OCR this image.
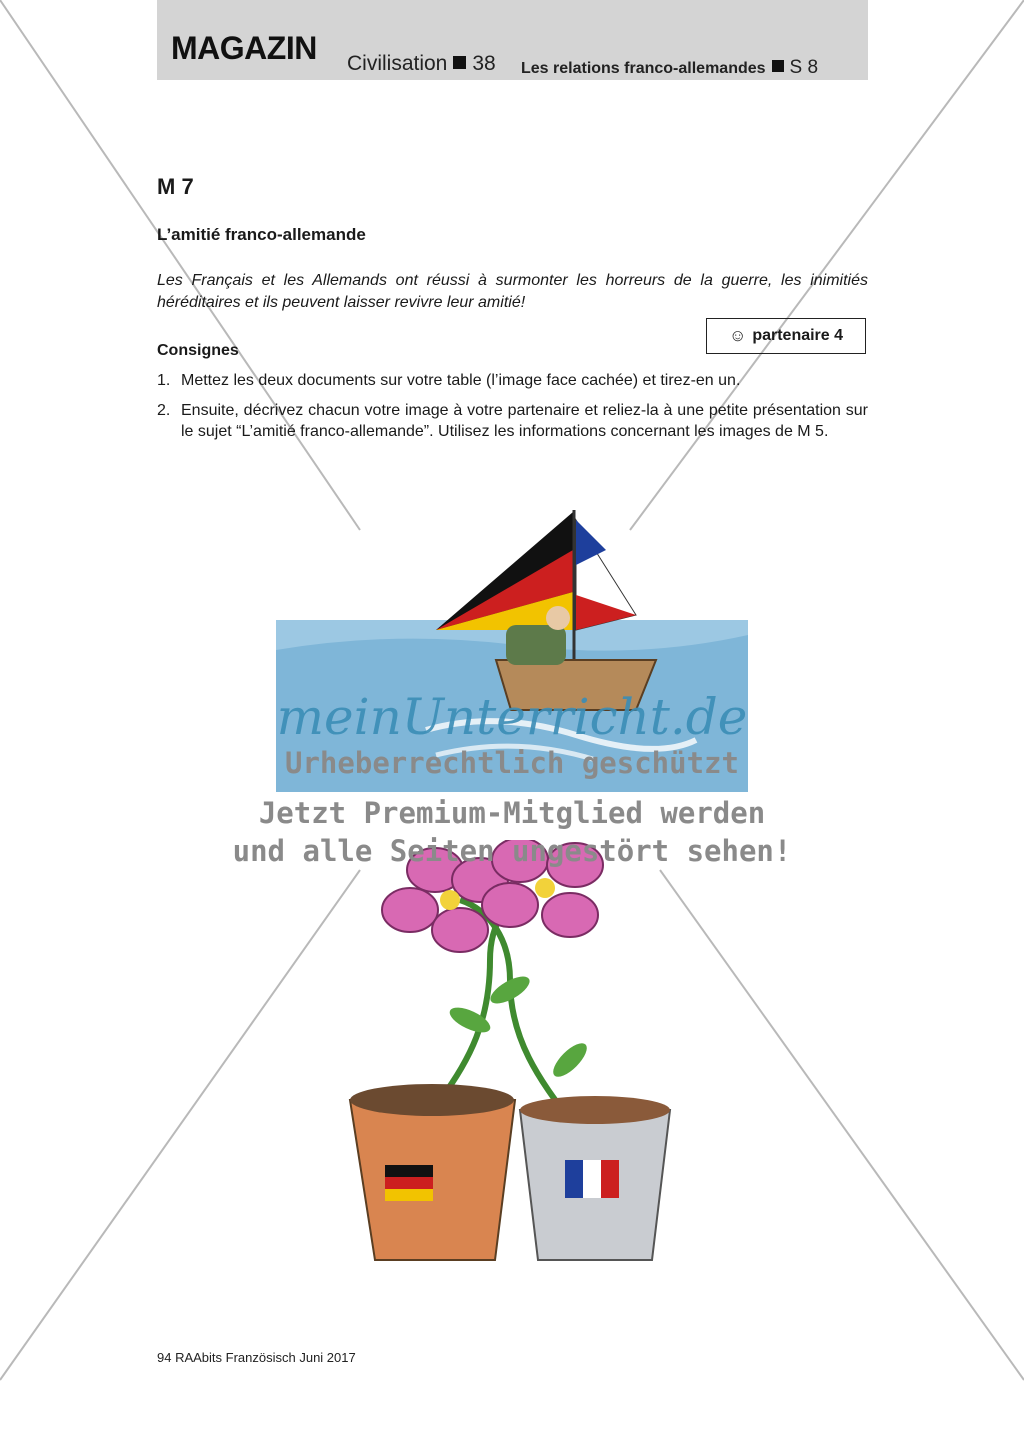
MAGAZIN Civilisation 38 Les relations franco-allemandes S 8
M 7
L’amitié franco-allemande
Les Français et les Allemands ont réussi à surmonter les horreurs de la guerre, les inimitiés héréditaires et ils peuvent laisser revivre leur amitié!
☺ partenaire 4
Consignes
1. Mettez les deux documents sur votre table (l’image face cachée) et tirez-en un.
2. Ensuite, décrivez chacun votre image à votre partenaire et reliez-la à une petite présentation sur le sujet “L’amitié franco-allemande”. Utilisez les informations concernant les images de M 5.
meinUnterricht.de
Urheberrechtlich geschützt
Jetzt Premium-Mitglied werden
und alle Seiten ungestört sehen!
94 RAAbits Französisch Juni 2017
